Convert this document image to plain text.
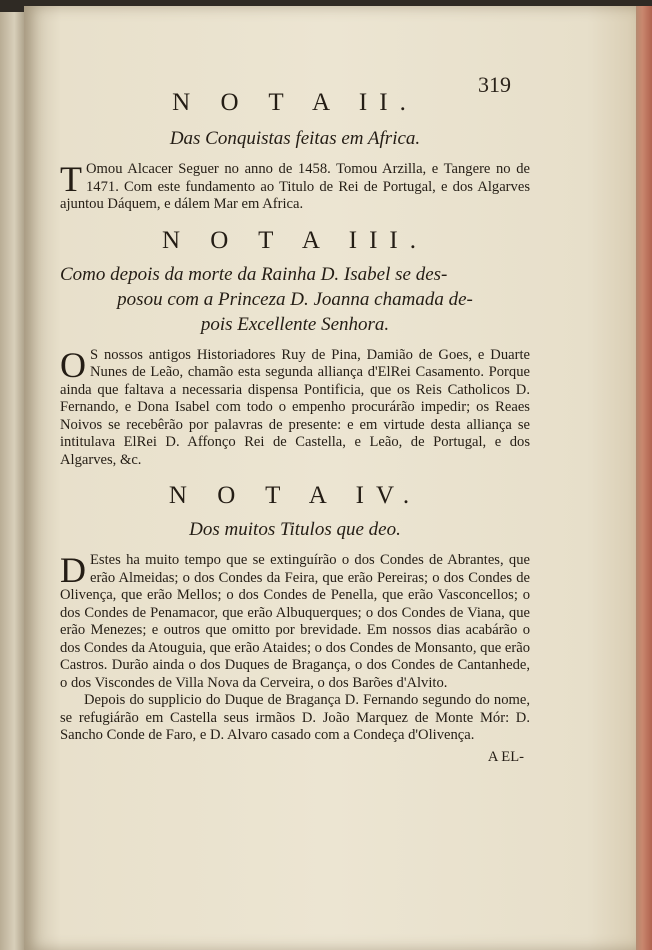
319
N O T A II.

Das Conquistas feitas em Africa.

T Omou Alcacer Seguer no anno de 1458. Tomou Arzilla, e Tangere no de 1471. Com este fundamento ao Titulo de Rei de Portugal, e dos Algarves ajuntou Dáquem, e dálem Mar em Africa.

N O T A III.

Como depois da morte da Rainha D. Isabel se des-

posou com a Princeza D. Joanna chamada de-

pois Excellente Senhora.

O S nossos antigos Historiadores Ruy de Pina, Damião de Goes, e Duarte Nunes de Leão, chamão esta segunda alliança d'ElRei Casamento. Porque ainda que faltava a necessaria dispensa Pontificia, que os Reis Catholicos D. Fernando, e Dona Isabel com todo o empenho procurárão impedir; os Reaes Noivos se recebêrão por palavras de presente: e em virtude desta alliança se intitulava ElRei D. Affonço Rei de Castella, e Leão, de Portugal, e dos Algarves, &c.

N O T A IV.

Dos muitos Titulos que deo.

D Estes ha muito tempo que se extinguírão o dos Condes de Abrantes, que erão Almeidas; o dos Condes da Feira, que erão Pereiras; o dos Condes de Olivença, que erão Mellos; o dos Condes de Penella, que erão Vasconcellos; o dos Condes de Penamacor, que erão Albuquerques; o dos Condes de Viana, que erão Menezes; e outros que omitto por brevidade. Em nossos dias acabárão o dos Condes da Atouguia, que erão Ataides; o dos Condes de Monsanto, que erão Castros. Durão ainda o dos Duques de Bragança, o dos Condes de Cantanhede, o dos Viscondes de Villa Nova da Cerveira, o dos Barões d'Alvito.

Depois do supplicio do Duque de Bragança D. Fernando segundo do nome, se refugiárão em Castella seus irmãos D. João Marquez de Monte Mór: D. Sancho Conde de Faro, e D. Alvaro casado com a Condeça d'Olivença.

A EL-
